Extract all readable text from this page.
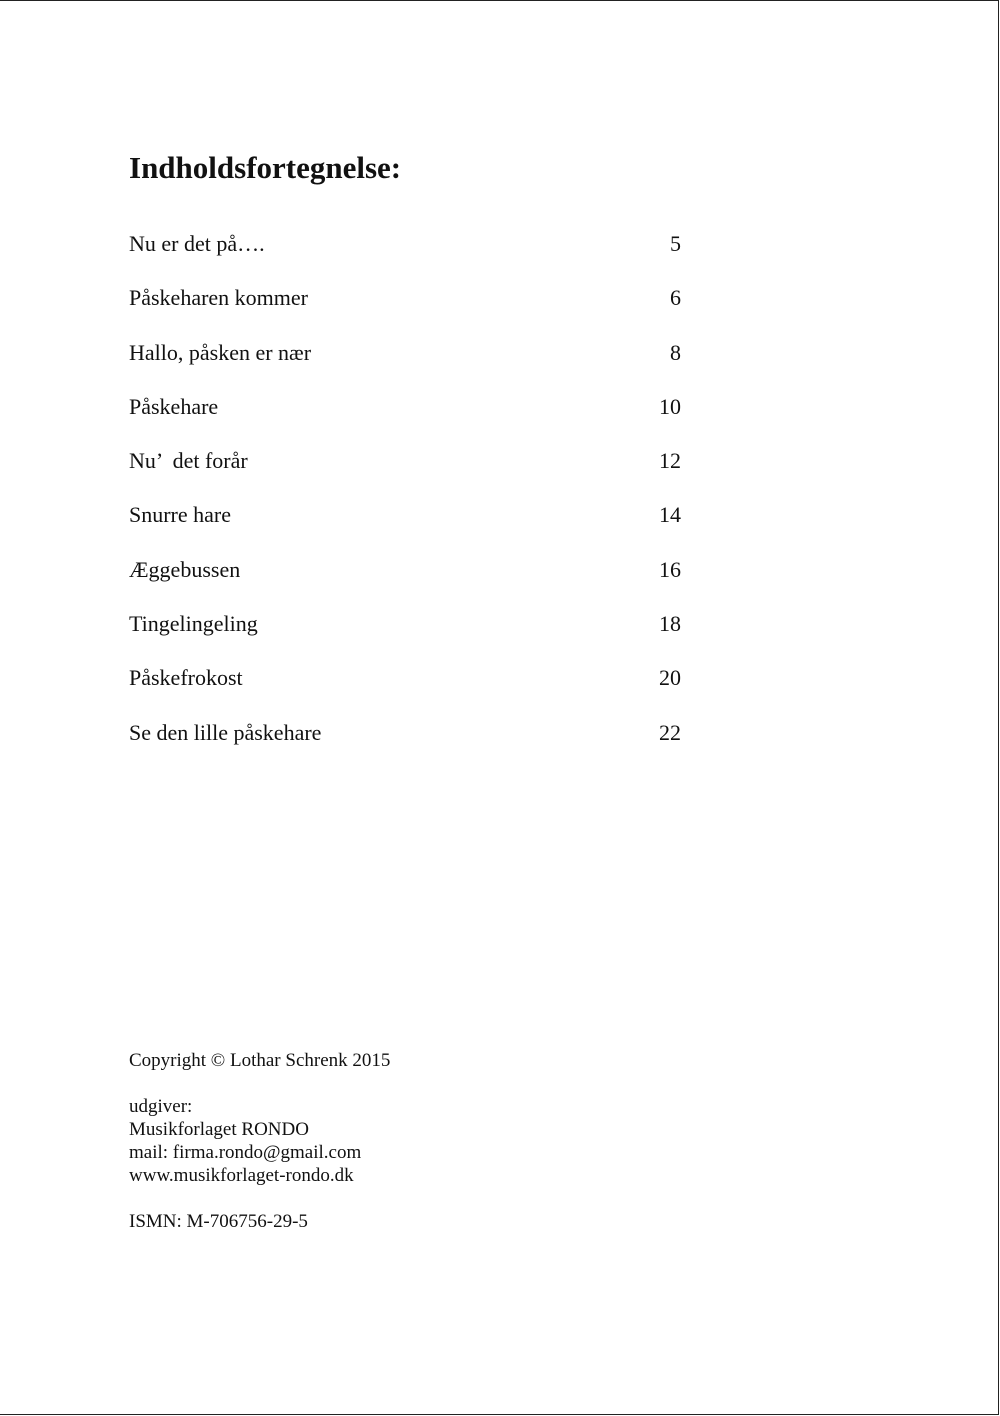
Indholdsfortegnelse:
Nu er det på….	5
Påskeharen kommer	6
Hallo, påsken er nær	8
Påskehare	10
Nu’  det forår	12
Snurre hare	14
Æggebussen	16
Tingelingeling	18
Påskefrokost	20
Se den lille påskehare	22
Copyright © Lothar Schrenk 2015
udgiver:
Musikforlaget RONDO
mail: firma.rondo@gmail.com
www.musikforlaget-rondo.dk
ISMN: M-706756-29-5
